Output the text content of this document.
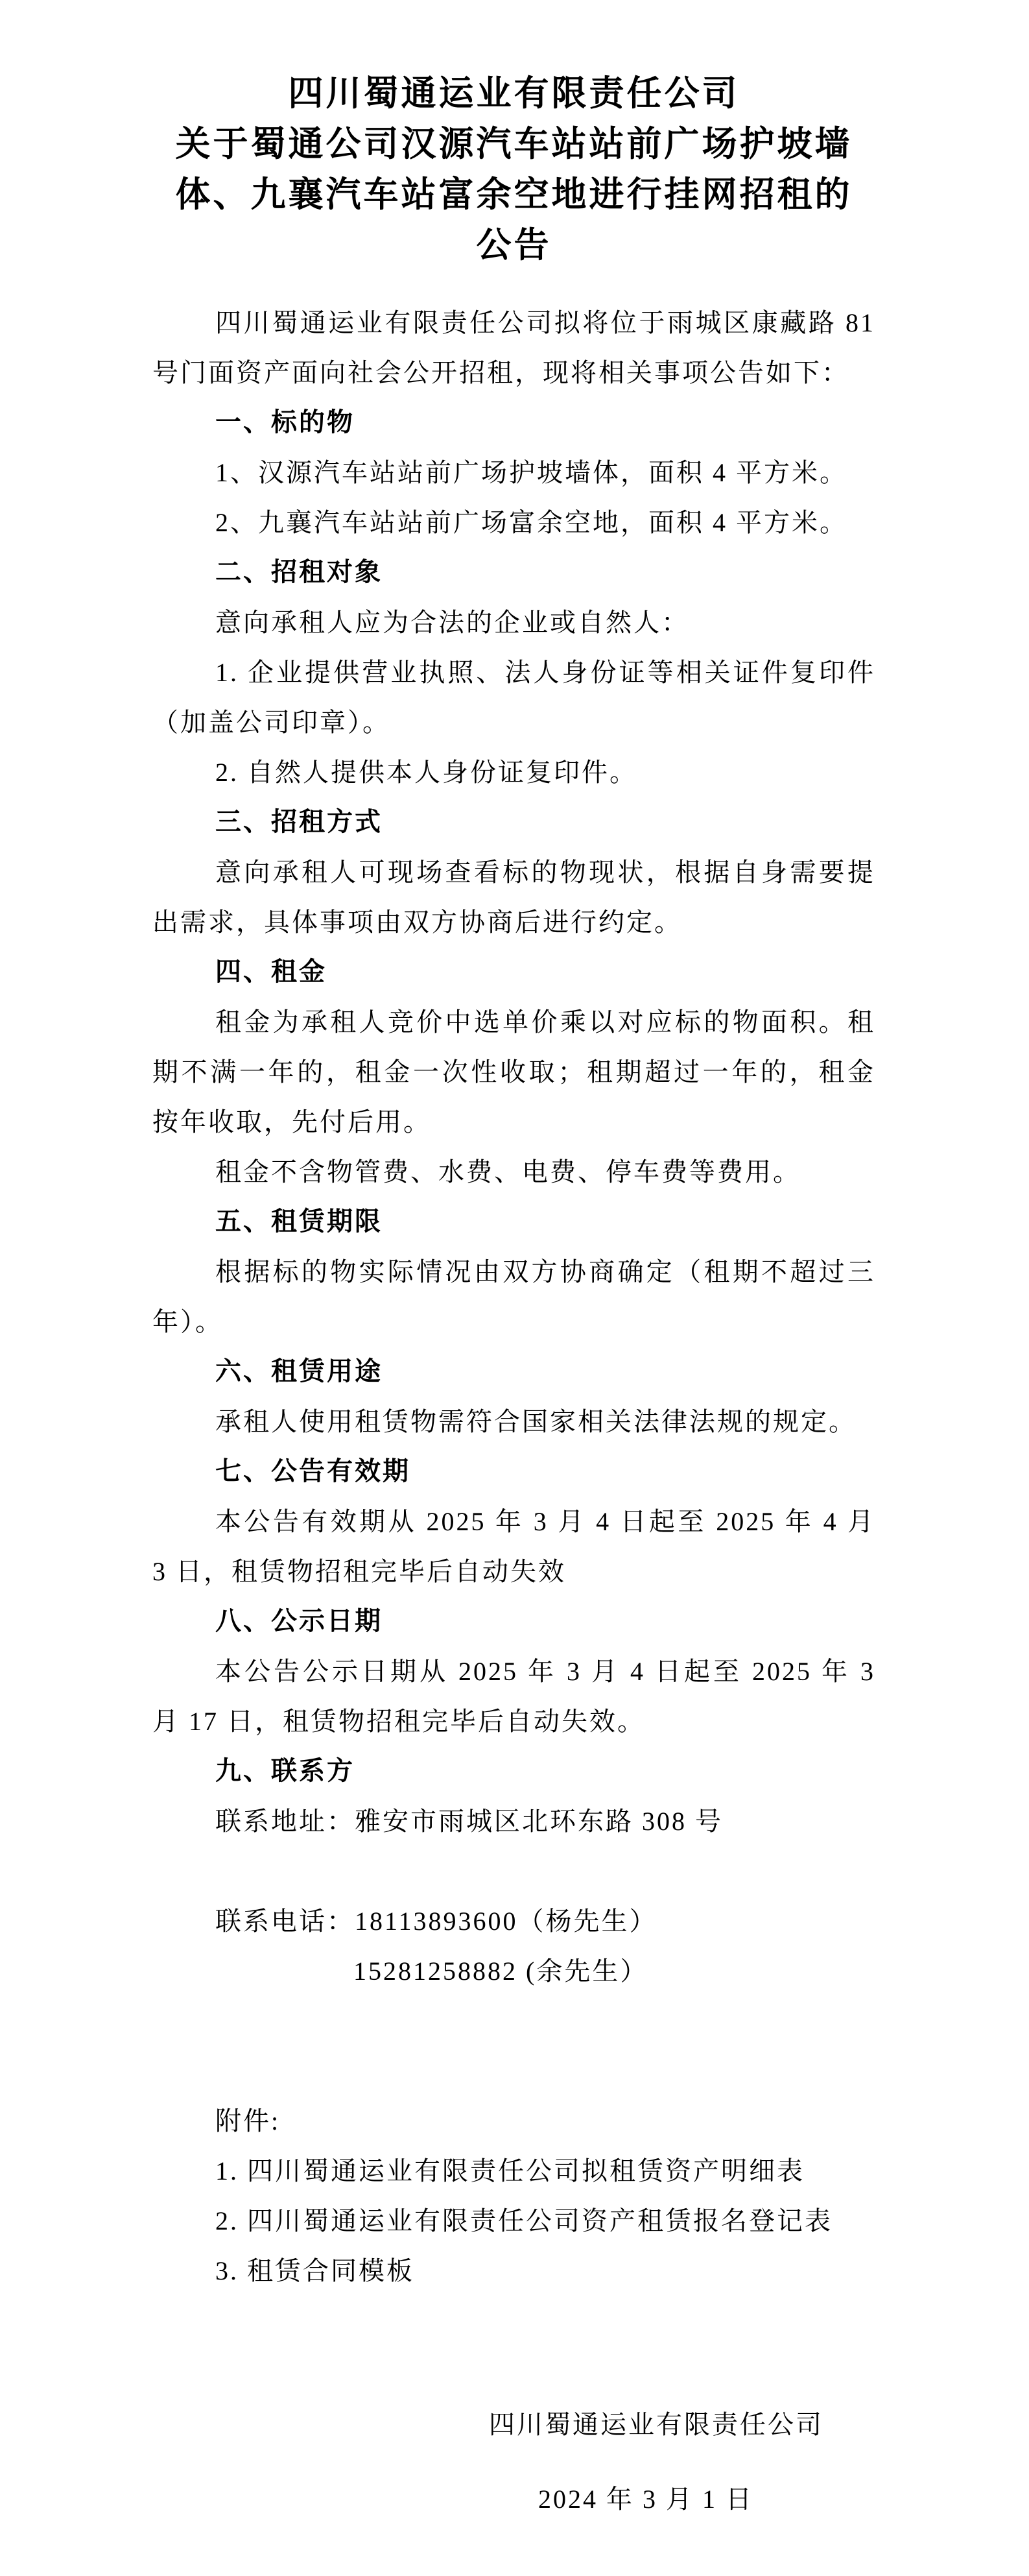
四川蜀通运业有限责任公司
关于蜀通公司汉源汽车站站前广场护坡墙
体、九襄汽车站富余空地进行挂网招租的
公告
四川蜀通运业有限责任公司拟将位于雨城区康藏路 81 号门面资产面向社会公开招租，现将相关事项公告如下：
一、标的物
1、汉源汽车站站前广场护坡墙体，面积 4 平方米。
2、九襄汽车站站前广场富余空地，面积 4 平方米。
二、招租对象
意向承租人应为合法的企业或自然人：
1. 企业提供营业执照、法人身份证等相关证件复印件（加盖公司印章）。
2. 自然人提供本人身份证复印件。
三、招租方式
意向承租人可现场查看标的物现状，根据自身需要提出需求，具体事项由双方协商后进行约定。
四、租金
租金为承租人竞价中选单价乘以对应标的物面积。租期不满一年的，租金一次性收取；租期超过一年的，租金按年收取，先付后用。
租金不含物管费、水费、电费、停车费等费用。
五、租赁期限
根据标的物实际情况由双方协商确定（租期不超过三年）。
六、租赁用途
承租人使用租赁物需符合国家相关法律法规的规定。
七、公告有效期
本公告有效期从 2025 年 3 月 4 日起至 2025 年 4 月 3 日，租赁物招租完毕后自动失效
八、公示日期
本公告公示日期从 2025 年 3 月 4 日起至 2025 年 3 月 17 日，租赁物招租完毕后自动失效。
九、联系方
联系地址：雅安市雨城区北环东路 308 号
联系电话：18113893600（杨先生）
15281258882 (余先生）
附件:
1. 四川蜀通运业有限责任公司拟租赁资产明细表
2. 四川蜀通运业有限责任公司资产租赁报名登记表
3. 租赁合同模板
四川蜀通运业有限责任公司
2024 年 3 月 1 日
